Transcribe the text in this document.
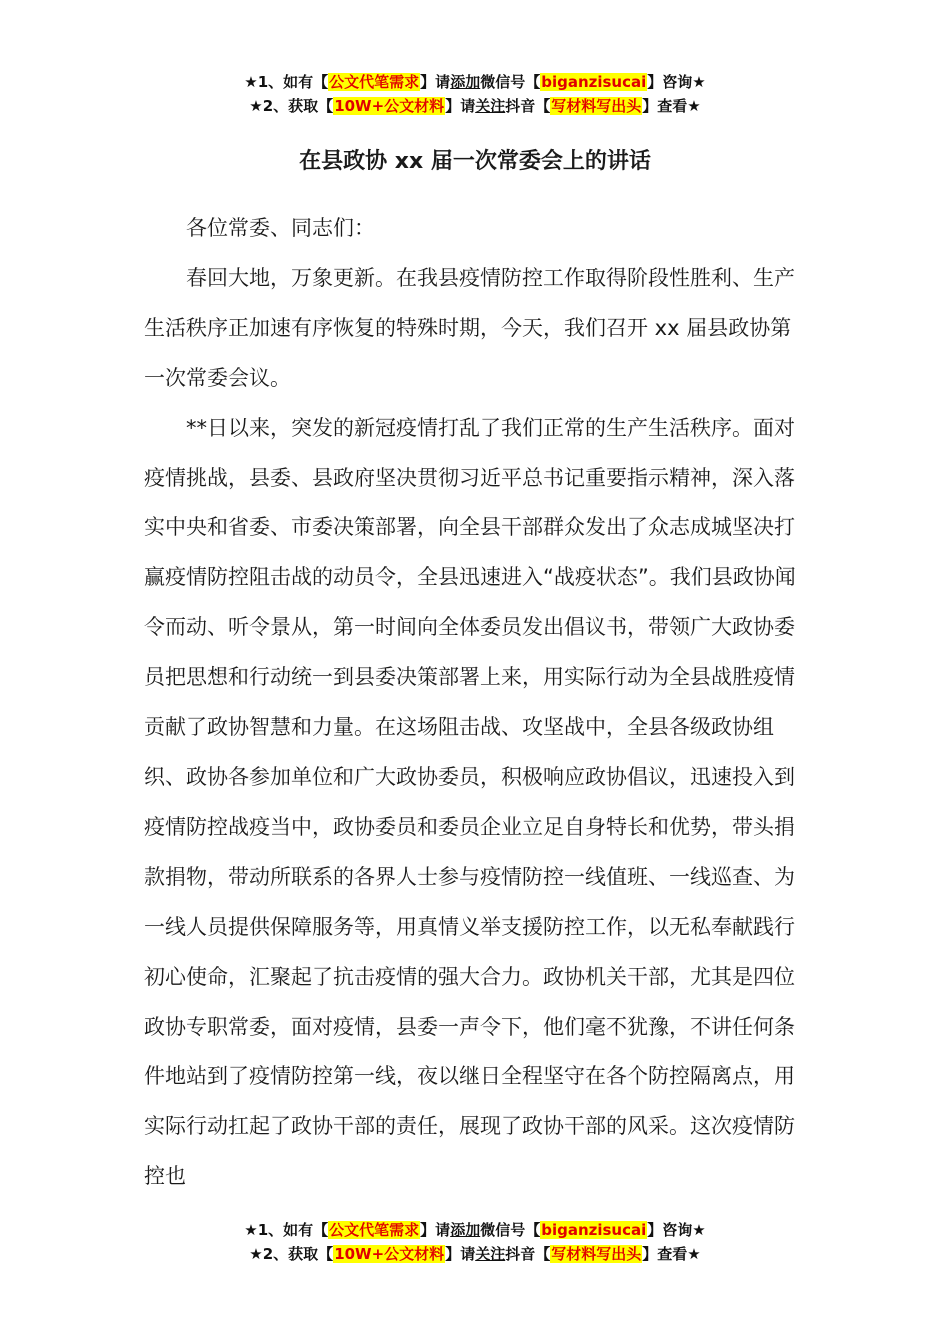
★1、如有【公文代笔需求】请添加微信号【biganzisucai】咨询★
★2、获取【10W+公文材料】请关注抖音【写材料写出头】查看★
在县政协 xx 届一次常委会上的讲话

各位常委、同志们：

春回大地，万象更新。在我县疫情防控工作取得阶段性胜利、生产生活秩序正加速有序恢复的特殊时期，今天，我们召开 xx 届县政协第一次常委会议。

**日以来，突发的新冠疫情打乱了我们正常的生产生活秩序。面对疫情挑战，县委、县政府坚决贯彻习近平总书记重要指示精神，深入落实中央和省委、市委决策部署，向全县干部群众发出了众志成城坚决打赢疫情防控阻击战的动员令，全县迅速进入“战疫状态”。我们县政协闻令而动、听令景从，第一时间向全体委员发出倡议书，带领广大政协委员把思想和行动统一到县委决策部署上来，用实际行动为全县战胜疫情贡献了政协智慧和力量。在这场阻击战、攻坚战中，全县各级政协组织、政协各参加单位和广大政协委员，积极响应政协倡议，迅速投入到疫情防控战疫当中，政协委员和委员企业立足自身特长和优势，带头捐款捐物，带动所联系的各界人士参与疫情防控一线值班、一线巡查、为一线人员提供保障服务等，用真情义举支援防控工作，以无私奉献践行初心使命，汇聚起了抗击疫情的强大合力。政协机关干部，尤其是四位政协专职常委，面对疫情，县委一声令下，他们毫不犹豫，不讲任何条件地站到了疫情防控第一线，夜以继日全程坚守在各个防控隔离点，用实际行动扛起了政协干部的责任，展现了政协干部的风采。这次疫情防控也

★1、如有【公文代笔需求】请添加微信号【biganzisucai】咨询★
★2、获取【10W+公文材料】请关注抖音【写材料写出头】查看★
